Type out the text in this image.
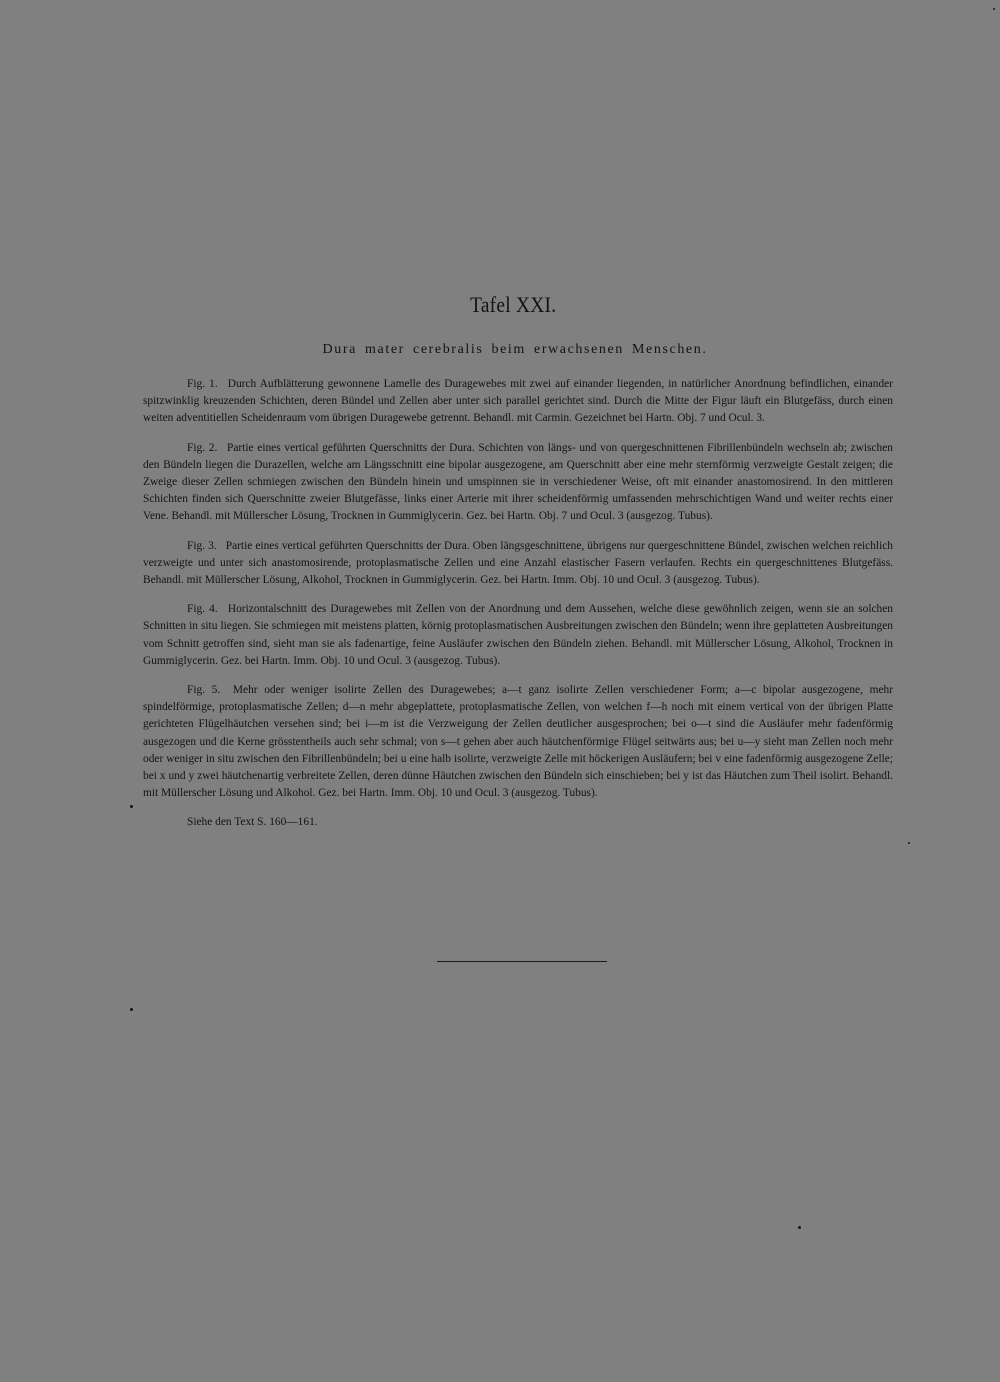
Tafel XXI.
Dura mater cerebralis beim erwachsenen Menschen.

Fig. 1. Durch Aufblätterung gewonnene Lamelle des Duragewebes mit zwei auf einander liegenden, in natürlicher Anordnung befindlichen, einander spitzwinklig kreuzenden Schichten, deren Bündel und Zellen aber unter sich parallel gerichtet sind. Durch die Mitte der Figur läuft ein Blutgefäss, durch einen weiten adventitiellen Scheidenraum vom übrigen Duragewebe getrennt. Behandl. mit Carmin. Gezeichnet bei Hartn. Obj. 7 und Ocul. 3.

Fig. 2. Partie eines vertical geführten Querschnitts der Dura. Schichten von längs- und von quergeschnittenen Fibrillenbündeln wechseln ab; zwischen den Bündeln liegen die Durazellen, welche am Längsschnitt eine bipolar ausgezogene, am Querschnitt aber eine mehr sternförmig verzweigte Gestalt zeigen; die Zweige dieser Zellen schmiegen zwischen den Bündeln hinein und umspinnen sie in verschiedener Weise, oft mit einander anastomosirend. In den mittleren Schichten finden sich Querschnitte zweier Blutgefässe, links einer Arterie mit ihrer scheidenförmig umfassenden mehrschichtigen Wand und weiter rechts einer Vene. Behandl. mit Müllerscher Lösung, Trocknen in Gummiglycerin. Gez. bei Hartn. Obj. 7 und Ocul. 3 (ausgezog. Tubus).

Fig. 3. Partie eines vertical geführten Querschnitts der Dura. Oben längsgeschnittene, übrigens nur quergeschnittene Bündel, zwischen welchen reichlich verzweigte und unter sich anastomosirende, protoplasmatische Zellen und eine Anzahl elastischer Fasern verlaufen. Rechts ein quergeschnittenes Blutgefäss. Behandl. mit Müllerscher Lösung, Alkohol, Trocknen in Gummiglycerin. Gez. bei Hartn. Imm. Obj. 10 und Ocul. 3 (ausgezog. Tubus).

Fig. 4. Horizontalschnitt des Duragewebes mit Zellen von der Anordnung und dem Aussehen, welche diese gewöhnlich zeigen, wenn sie an solchen Schnitten in situ liegen. Sie schmiegen mit meistens platten, körnig protoplasmatischen Ausbreitungen zwischen den Bündeln; wenn ihre geplatteten Ausbreitungen vom Schnitt getroffen sind, sieht man sie als fadenartige, feine Ausläufer zwischen den Bündeln ziehen. Behandl. mit Müllerscher Lösung, Alkohol, Trocknen in Gummiglycerin. Gez. bei Hartn. Imm. Obj. 10 und Ocul. 3 (ausgezog. Tubus).

Fig. 5. Mehr oder weniger isolirte Zellen des Duragewebes; a—t ganz isolirte Zellen verschiedener Form; a—c bipolar ausgezogene, mehr spindelförmige, protoplasmatische Zellen; d—n mehr abgeplattete, protoplasmatische Zellen, von welchen f—h noch mit einem vertical von der übrigen Platte gerichteten Flügelhäutchen versehen sind; bei i—m ist die Verzweigung der Zellen deutlicher ausgesprochen; bei o—t sind die Ausläufer mehr fadenförmig ausgezogen und die Kerne grösstentheils auch sehr schmal; von s—t gehen aber auch häutchenförmige Flügel seitwärts aus; bei u—y sieht man Zellen noch mehr oder weniger in situ zwischen den Fibrillenbündeln; bei u eine halb isolirte, verzweigte Zelle mit höckerigen Ausläufern; bei v eine fadenförmig ausgezogene Zelle; bei x und y zwei häutchenartig verbreitete Zellen, deren dünne Häutchen zwischen den Bündeln sich einschieben; bei y ist das Häutchen zum Theil isolirt. Behandl. mit Müllerscher Lösung und Alkohol. Gez. bei Hartn. Imm. Obj. 10 und Ocul. 3 (ausgezog. Tubus).

Siehe den Text S. 160—161.
